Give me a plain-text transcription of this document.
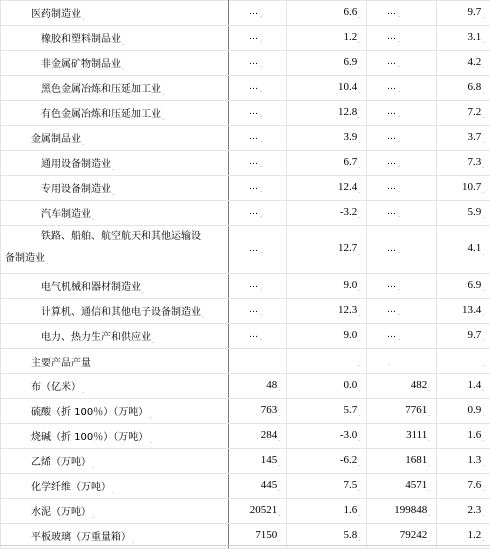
医药制造业$_.$	$\dots_.$	$6.6_.$	$\dots_.$	$9.7_.$
橡胶和塑料制品业$_.$	$\dots_.$	$1.2_.$	$\dots_.$	$3.1_.$
非金属矿物制品业$_.$	$\dots_.$	$6.9_.$	$\dots_.$	$4.2_.$
黑色金属冶炼和压延加工业$_.$	$\dots_.$	$10.4_.$	$\dots_.$	$6.8_.$
有色金属冶炼和压延加工业$_.$	$\dots_.$	$12.8_.$	$\dots_.$	$7.2_.$
金属制品业$_.$	$\dots_.$	$3.9_.$	$\dots_.$	$3.7_.$
通用设备制造业$_.$	$\dots_.$	$6.7_.$	$\dots_.$	$7.3_.$
专用设备制造业$_.$	$\dots_.$	$12.4_.$	$\dots_.$	$10.7_.$
汽车制造业$_.$	$\dots_.$	$-3.2_.$	$\dots_.$	$5.9_.$
铁路、船舶、航空航天和其他运输设
备制造业$_.$	$\dots_.$	$12.7_.$	$\dots_.$	$4.1_.$
电气机械和器材制造业$_.$	$\dots_.$	$9.0_.$	$\dots_.$	$6.9_.$
计算机、通信和其他电子设备制造业$_.$	$\dots_.$	$12.3_.$	$\dots_.$	$13.4_.$
电力、热力生产和供应业$_.$	$\dots_.$	$9.0_.$	$\dots_.$	$9.7_.$
主要产品产量		$_.$	$_.$	$_.$
布（亿米）$_.$	$48_.$	$0.0_.$	$482_.$	$1.4_.$
硫酸（折 100％）（万吨）$_.$	$763_.$	$5.7_.$	$7761_.$	$0.9_.$
烧碱（折 100％）（万吨）$_.$	$284_.$	$-3.0_.$	$3111_.$	$1.6_.$
乙烯（万吨）$_.$	$145_.$	$-6.2_.$	$1681_.$	$1.3_.$
化学纤维（万吨）$_.$	$445_.$	$7.5_.$	$4571_.$	$7.6_.$
水泥（万吨）$_.$	$20521_.$	$1.6_.$	$199848_.$	$2.3_.$
平板玻璃（万重量箱）$_.$	$7150_.$	$5.8_.$	$79242_.$	$1.2_.$
